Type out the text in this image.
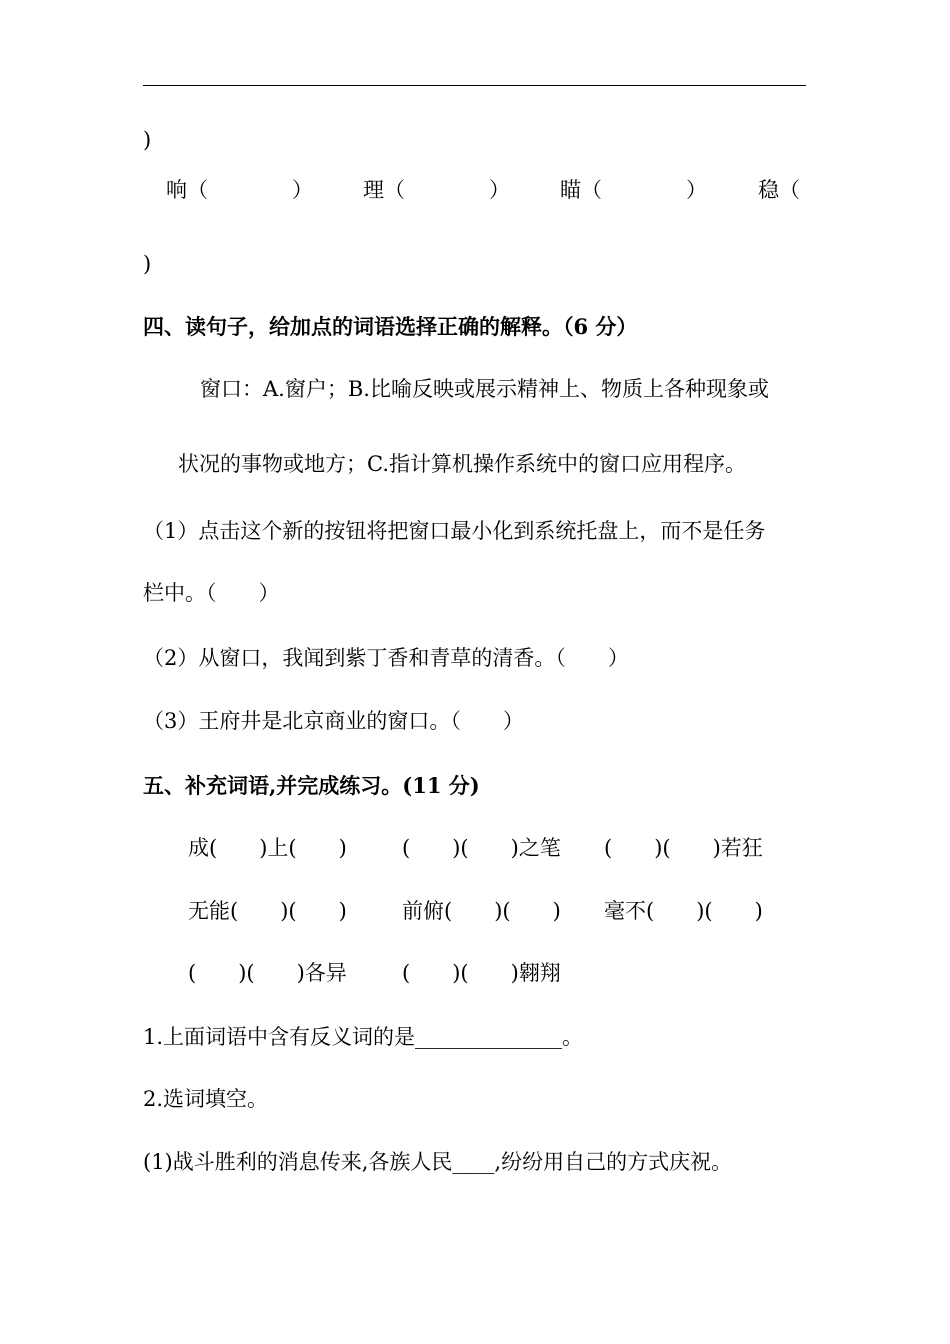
)
响（　　　　） 理（　　　　） 瞄（　　　　） 稳（
)
四、读句子，给加点的词语选择正确的解释。（6 分）
窗口：A.窗户；B.比喻反映或展示精神上、物质上各种现象或
状况的事物或地方；C.指计算机操作系统中的窗口应用程序。
（1）点击这个新的按钮将把窗口最小化到系统托盘上，而不是任务
栏中。（　　）
（2）从窗口，我闻到紫丁香和青草的清香。（　　）
（3）王府井是北京商业的窗口。（　　）
五、补充词语,并完成练习。(11 分)
成(　　)上(　　)	(　　)(　　)之笔 (　　)(　　)若狂
无能(　　)(　　)	前俯(　　)(　　) 毫不(　　)(　　)
(　　)(　　)各异	(　　)(　　)翱翔
1.上面词语中含有反义词的是______________。
2.选词填空。
(1)战斗胜利的消息传来,各族人民____,纷纷用自己的方式庆祝。
